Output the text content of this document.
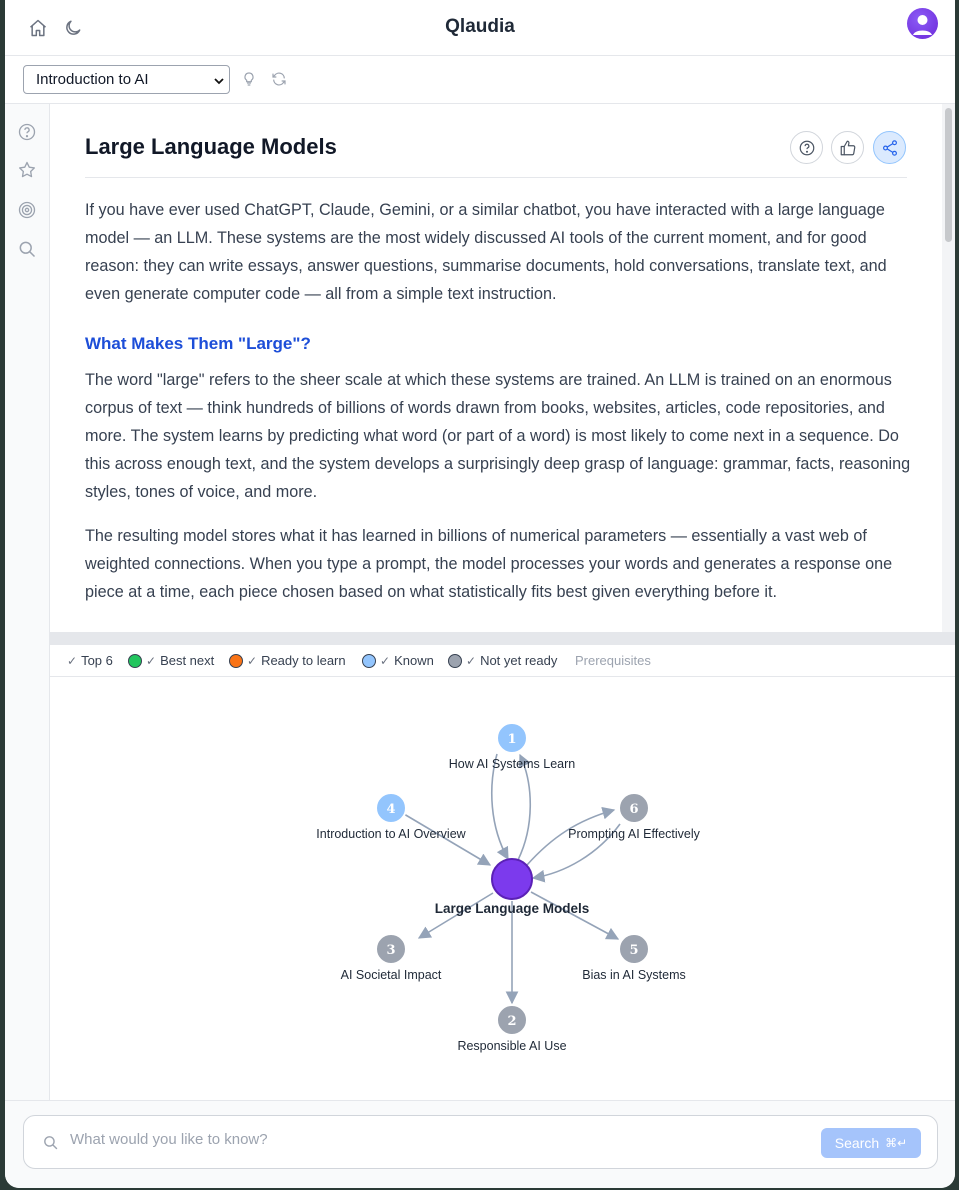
Qlaudia
Introduction to AI
Large Language Models

If you have ever used ChatGPT, Claude, Gemini, or a similar chatbot, you have interacted with a large language model — an LLM. These systems are the most widely discussed AI tools of the current moment, and for good reason: they can write essays, answer questions, summarise documents, hold conversations, translate text, and even generate computer code — all from a simple text instruction.

What Makes Them "Large"?

The word "large" refers to the sheer scale at which these systems are trained. An LLM is trained on an enormous corpus of text — think hundreds of billions of words drawn from books, websites, articles, code repositories, and more. The system learns by predicting what word (or part of a word) is most likely to come next in a sequence. Do this across enough text, and the system develops a surprisingly deep grasp of language: grammar, facts, reasoning styles, tones of voice, and more.

The resulting model stores what it has learned in billions of numerical parameters — essentially a vast web of weighted connections. When you type a prompt, the model processes your words and generates a response one piece at a time, each piece chosen based on what statistically fits best given everything before it.

✓ Top 6	✓ Best next	✓ Ready to learn	✓ Known	✓ Not yet ready Prerequisites
1
How AI Systems Learn
4
Introduction to AI Overview
6
Prompting AI Effectively
Large Language Models
3
AI Societal Impact
5
Bias in AI Systems
2
Responsible AI Use
What would you like to know?
Search ⌘↵
